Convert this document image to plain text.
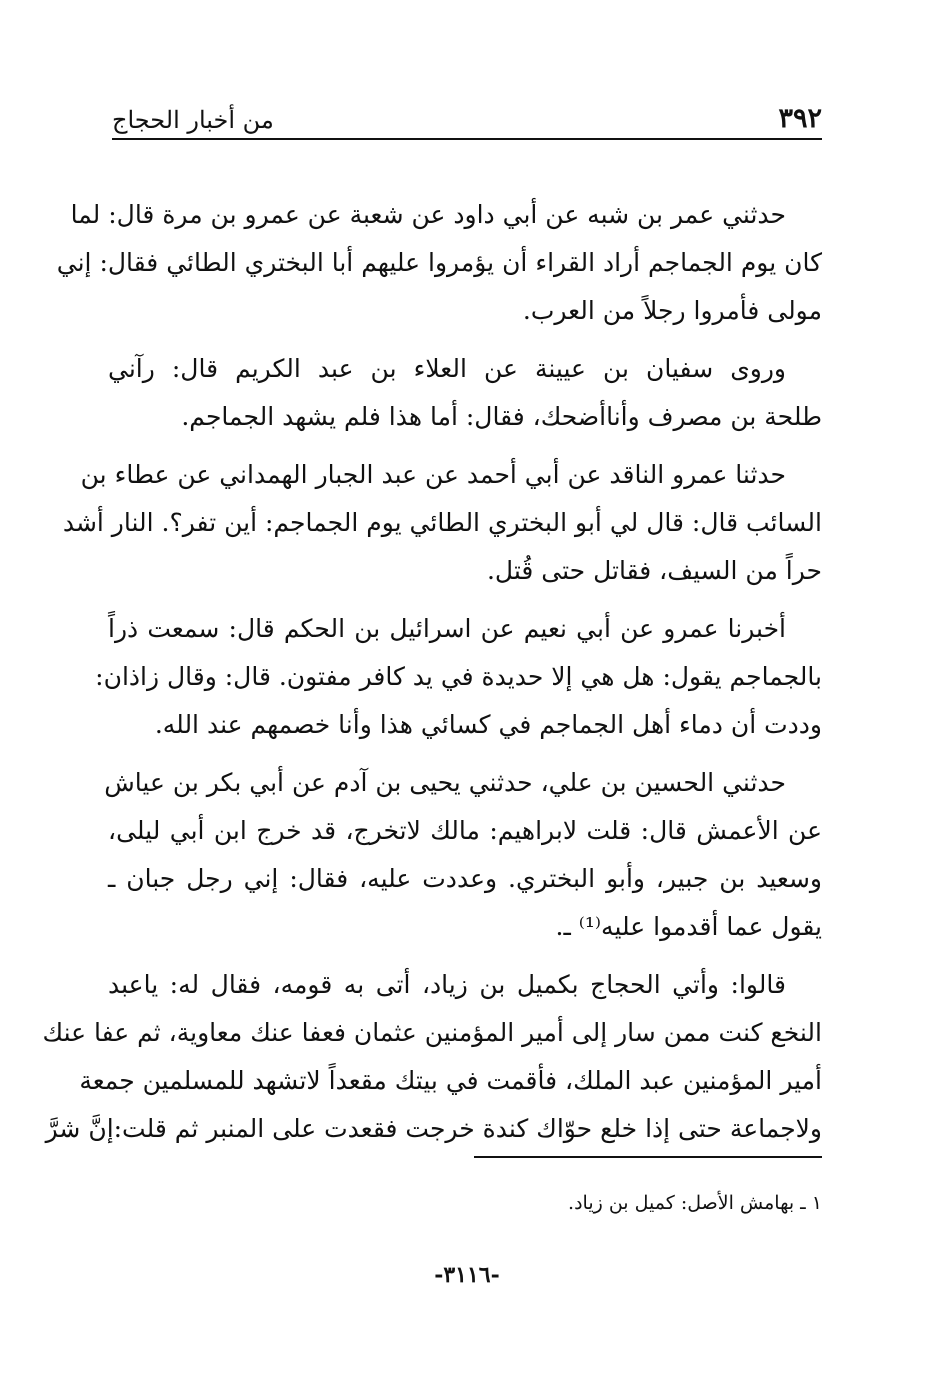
٣٩٢
من أخبار الحجاج
حدثني عمر بن شبه عن أبي داود عن شعبة عن عمرو بن مرة قال: لما
كان يوم الجماجم أراد القراء أن يؤمروا عليهم أبا البختري الطائي فقال: إني
مولى فأمروا رجلاً من العرب.
وروى سفيان بن عيينة عن العلاء بن عبد الكريم قال: رآني
طلحة بن مصرف وأناأضحك، فقال: أما هذا فلم يشهد الجماجم.
حدثنا عمرو الناقد عن أبي أحمد عن عبد الجبار الهمداني عن عطاء بن
السائب قال: قال لي أبو البختري الطائي يوم الجماجم: أين تفر؟. النار أشد
حراً من السيف، فقاتل حتى قُتل.
أخبرنا عمرو عن أبي نعيم عن اسرائيل بن الحكم قال: سمعت ذراً
بالجماجم يقول: هل هي إلا حديدة في يد كافر مفتون. قال: وقال زاذان:
وددت أن دماء أهل الجماجم في كسائي هذا وأنا خصمهم عند الله.
حدثني الحسين بن علي، حدثني يحيى بن آدم عن أبي بكر بن عياش
عن الأعمش قال: قلت لابراهيم: مالك لاتخرج، قد خرج ابن أبي ليلى،
وسعيد بن جبير، وأبو البختري. وعددت عليه، فقال: إني رجل جبان ـ
يقول عما أقدموا عليه⁽¹⁾ ـ.
قالوا: وأتي الحجاج بكميل بن زياد، أتى به قومه، فقال له: ياعبد
النخع كنت ممن سار إلى أمير المؤمنين عثمان فعفا عنك معاوية، ثم عفا عنك
أمير المؤمنين عبد الملك، فأقمت في بيتك مقعداً لاتشهد للمسلمين جمعة
ولاجماعة حتى إذا خلع حوّاك كندة خرجت فقعدت على المنبر ثم قلت:إنَّ شرَّ
١ ـ بهامش الأصل: كميل بن زياد.
-٣١١٦-
